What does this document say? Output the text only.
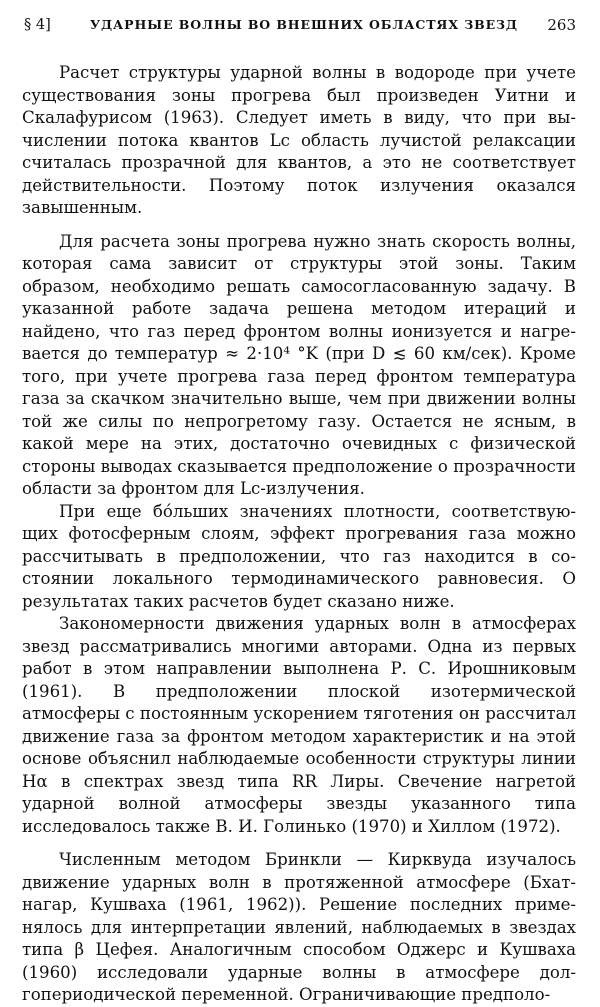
§ 4]	УДАРНЫЕ ВОЛНЫ ВО ВНЕШНИХ ОБЛАСТЯХ ЗВЕЗД 263

Расчет структуры ударной волны в водороде при учете существования зоны прогрева был произведен Уитни и Скалафурисом (1963). Следует иметь в виду, что при вычислении потока квантов Lc область лучистой релаксации считалась прозрачной для квантов, а это не соответствует действительности. Поэтому поток излучения оказался завышенным.

Для расчета зоны прогрева нужно знать скорость волны, которая сама зависит от структуры этой зоны. Таким образом, необходимо решать самосогласованную задачу. В указанной работе задача решена методом итераций и найдено, что газ перед фронтом волны ионизуется и нагревается до температур ≈ 2·10⁴ °K (при D ≲ 60 км/сек). Кроме того, при учете прогрева газа перед фронтом температура газа за скачком значительно выше, чем при движении волны той же силы по непрогретому газу. Остается не ясным, в какой мере на этих, достаточно очевидных с физической стороны выводах сказывается предположение о прозрачности области за фронтом для Lc-излучения.

При еще бо́льших значениях плотности, соответствующих фотосферным слоям, эффект прогревания газа можно рассчитывать в предположении, что газ находится в состоянии локального термодинамического равновесия. О результатах таких расчетов будет сказано ниже.

Закономерности движения ударных волн в атмосферах звезд рассматривались многими авторами. Одна из первых работ в этом направлении выполнена Р. С. Ирошниковым (1961). В предположении плоской изотермической атмосферы с постоянным ускорением тяготения он рассчитал движение газа за фронтом методом характеристик и на этой основе объяснил наблюдаемые особенности структуры линии Hα в спектрах звезд типа RR Лиры. Свечение нагретой ударной волной атмосферы звезды указанного типа исследовалось также В. И. Голинько (1970) и Хиллом (1972).

Численным методом Бринкли — Кирквуда изучалось движение ударных волн в протяженной атмосфере (Бхатнагар, Кушваха (1961, 1962)). Решение последних применялось для интерпретации явлений, наблюдаемых в звездах типа β Цефея. Аналогичным способом Оджерс и Кушваха (1960) исследовали ударные волны в атмосфере долгопериодической переменной. Ограничивающие предполо-
